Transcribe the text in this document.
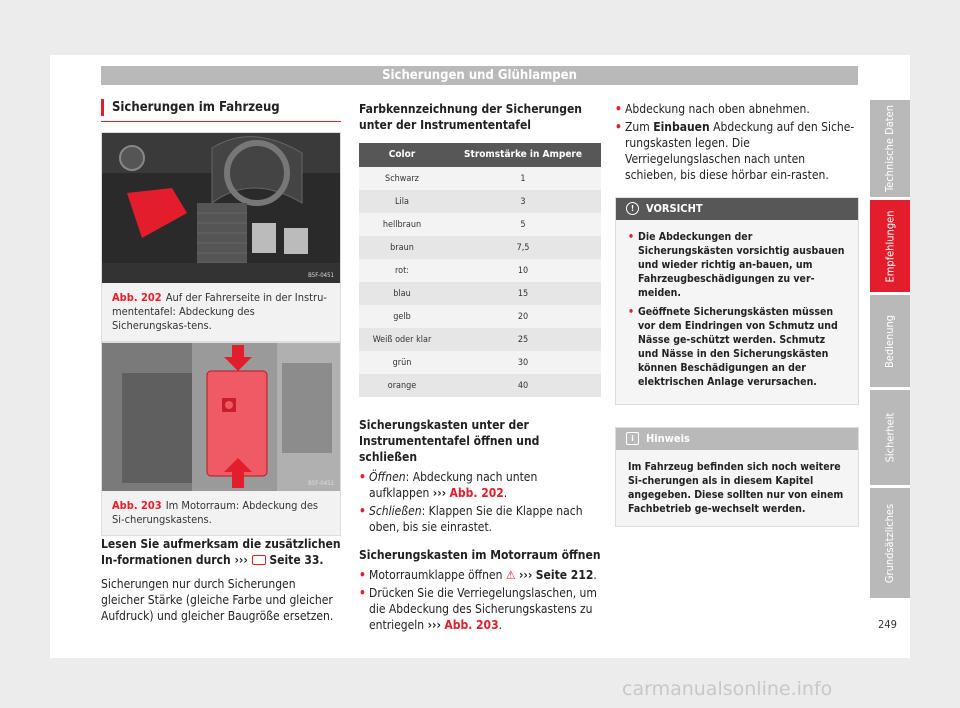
Sicherungen und Glühlampen
Sicherungen im Fahrzeug
B5F-0451
Abb. 202 Auf der Fahrerseite in der Instru-mententafel: Abdeckung des Sicherungskas-tens.
B5F-0452
Abb. 203 Im Motorraum: Abdeckung des Si-cherungskastens.

Lesen Sie aufmerksam die zusätzlichen In-formationen durch ››› Seite 33.

Sicherungen nur durch Sicherungen gleicher Stärke (gleiche Farbe und gleicher Aufdruck) und gleicher Baugröße ersetzen.

Farbkennzeichnung der Sicherungen unter der Instrumententafel
Color	Stromstärke in Ampere
Schwarz	1
Lila	3
hellbraun	5
braun	7,5
rot:	10
blau	15
gelb	20
Weiß oder klar	25
grün	30
orange	40
Sicherungskasten unter der Instrumententafel öffnen und schließen
• Öffnen: Abdeckung nach unten aufklappen ››› Abb. 202.
• Schließen: Klappen Sie die Klappe nach oben, bis sie einrastet.
Sicherungskasten im Motorraum öffnen
• Motorraumklappe öffnen ⚠ ››› Seite 212.
• Drücken Sie die Verriegelungslaschen, um die Abdeckung des Sicherungskastens zu entriegeln ››› Abb. 203.
• Abdeckung nach oben abnehmen.
• Zum Einbauen Abdeckung auf den Siche-rungskasten legen. Die Verriegelungslaschen nach unten schieben, bis diese hörbar ein-rasten.
!	VORSICHT
• Die Abdeckungen der Sicherungskästen vorsichtig ausbauen und wieder richtig an-bauen, um Fahrzeugbeschädigungen zu ver-meiden.
• Geöffnete Sicherungskästen müssen vor dem Eindringen von Schmutz und Nässe ge-schützt werden. Schmutz und Nässe in den Sicherungskästen können Beschädigungen an der elektrischen Anlage verursachen.
i	Hinweis
Im Fahrzeug befinden sich noch weitere Si-cherungen als in diesem Kapitel angegeben. Diese sollten nur von einem Fachbetrieb ge-wechselt werden.
Technische Daten
Empfehlungen
Bedienung
Sicherheit
Grundsätzliches
249
carmanualsonline.info
